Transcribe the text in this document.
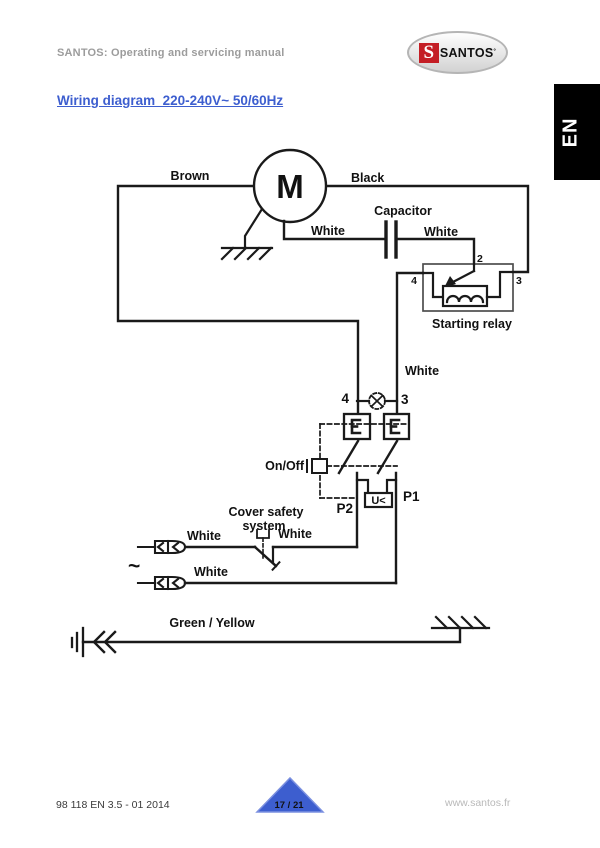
SANTOS: Operating and servicing manual	S SANTOS ˚
EN
Wiring diagram  220-240V~ 50/60Hz
M
Brown	Black
White
Capacitor
White
2
4	3
Starting relay
White
4	3
On/Off
Cover safety
system
P2
P1
U<
White	White
White
~
Green / Yellow
98 118 EN 3.5 - 01 2014	17 / 21	www.santos.fr
